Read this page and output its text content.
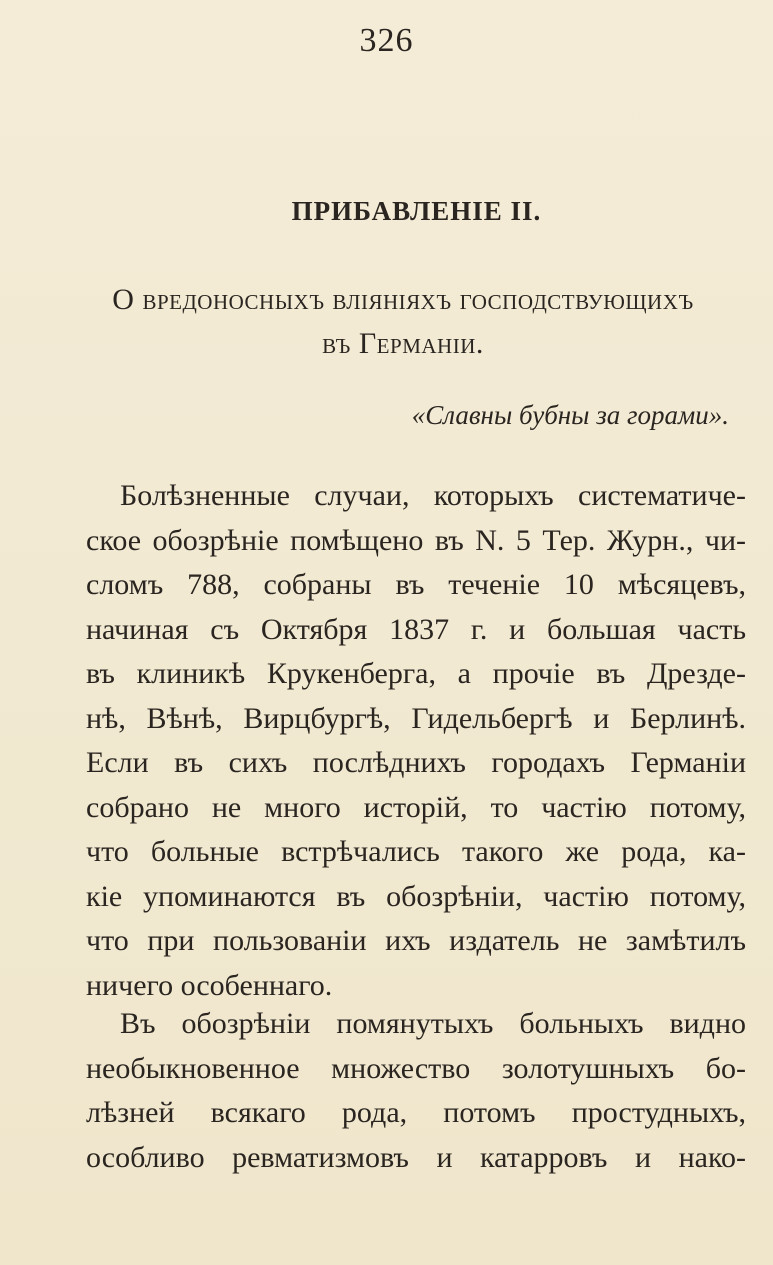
326
ПРИБАВЛЕНІЕ II.
О вредоносныхъ вліяніяхъ господствующихъ
въ Германіи.
«Славны бубны за горами».
Болѣзненные случаи, которыхъ систематиче-
ское обозрѣніе помѣщено въ N. 5 Тер. Журн., чи-
сломъ 788, собраны въ теченіе 10 мѣсяцевъ,
начиная съ Октября 1837 г. и большая часть
въ клиникѣ Крукенберга, а прочіе въ Дрезде-
нѣ, Вѣнѣ, Вирцбургѣ, Гидельбергѣ и Берлинѣ.
Если въ сихъ послѣднихъ городахъ Германіи
собрано не много исторій, то частію потому,
что больные встрѣчались такого же рода, ка-
кіе упоминаются въ обозрѣніи, частію потому,
что при пользованіи ихъ издатель не замѣтилъ
ничего особеннаго.
Въ обозрѣніи помянутыхъ больныхъ видно
необыкновенное множество золотушныхъ бо-
лѣзней всякаго рода, потомъ простудныхъ,
особливо ревматизмовъ и катарровъ и нако-
